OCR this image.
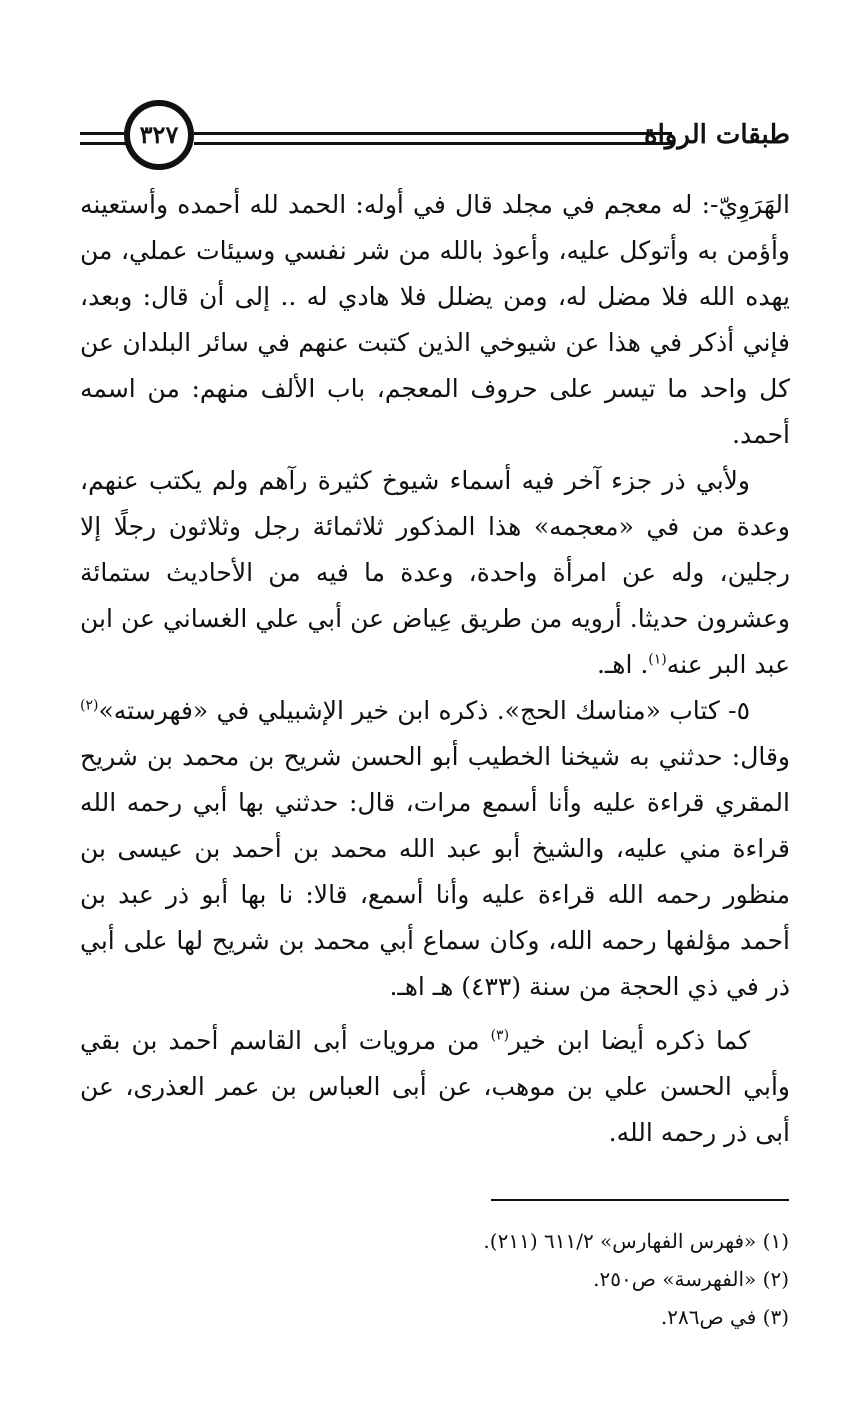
٣٢٧	طبقات الرواة

الهَرَوِيّ-: له معجم في مجلد قال في أوله: الحمد لله أحمده وأستعينه وأؤمن به وأتوكل عليه، وأعوذ بالله من شر نفسي وسيئات عملي، من يهده الله فلا مضل له، ومن يضلل فلا هادي له .. إلى أن قال: وبعد، فإني أذكر في هذا عن شيوخي الذين كتبت عنهم في سائر البلدان عن كل واحد ما تيسر على حروف المعجم، باب الألف منهم: من اسمه أحمد.

ولأبي ذر جزء آخر فيه أسماء شيوخ كثيرة رآهم ولم يكتب عنهم، وعدة من في «معجمه» هذا المذكور ثلاثمائة رجل وثلاثون رجلًا إلا رجلين، وله عن امرأة واحدة، وعدة ما فيه من الأحاديث ستمائة وعشرون حديثا. أرويه من طريق عِياض عن أبي علي الغساني عن ابن عبد البر عنه$^{(١)}$. اهـ.

٥- كتاب «مناسك الحج». ذكره ابن خير الإشبيلي في «فهرسته»$^{(٢)}$ وقال: حدثني به شيخنا الخطيب أبو الحسن شريح بن محمد بن شريح المقري قراءة عليه وأنا أسمع مرات، قال: حدثني بها أبي رحمه الله قراءة مني عليه، والشيخ أبو عبد الله محمد بن أحمد بن عيسى بن منظور رحمه الله قراءة عليه وأنا أسمع، قالا: نا بها أبو ذر عبد بن أحمد مؤلفها رحمه الله، وكان سماع أبي محمد بن شريح لها على أبي ذر في ذي الحجة من سنة (٤٣٣) هـ اهـ.

كما ذكره أيضا ابن خير$^{(٣)}$ من مرويات أبى القاسم أحمد بن بقي وأبي الحسن علي بن موهب، عن أبى العباس بن عمر العذرى، عن أبى ذر رحمه الله.

(١) «فهرس الفهارس» ٦١١/٢ (٢١١).

(٢) «الفهرسة» ص٢٥٠.

(٣) في ص٢٨٦.
